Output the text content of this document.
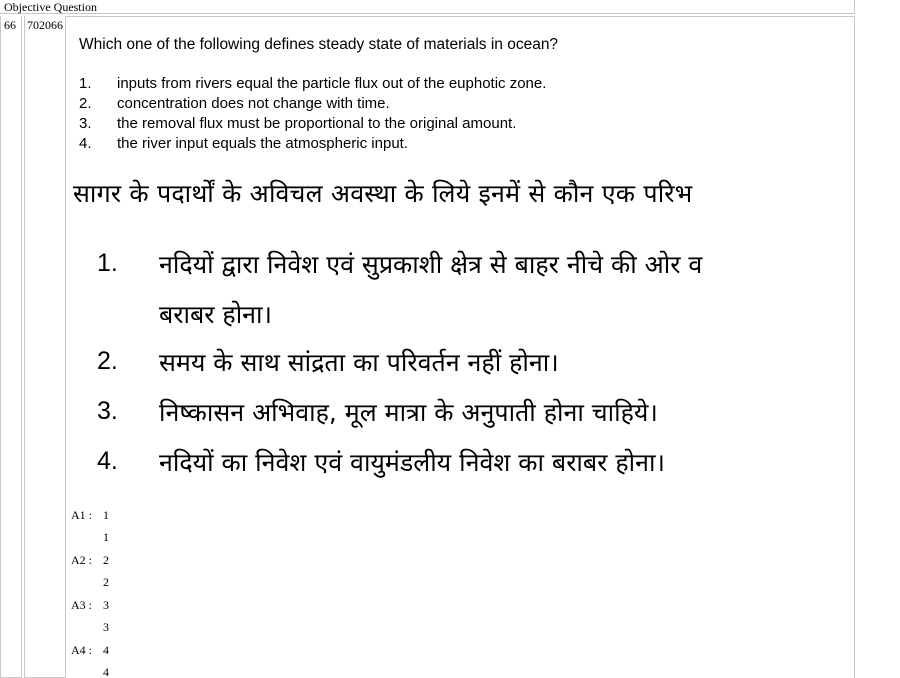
Objective Question
66 702066
Which one of the following defines steady state of materials in ocean?
1. inputs from rivers equal the particle flux out of the euphotic zone.
2. concentration does not change with time.
3. the removal flux must be proportional to the original amount.
4. the river input equals the atmospheric input.
सागर के पदार्थों के अविचल अवस्था के लिये इनमें से कौन एक परिभ
1. नदियों द्वारा निवेश एवं सुप्रकाशी क्षेत्र से बाहर नीचे की ओर व
बराबर होना।
2. समय के साथ सांद्रता का परिवर्तन नहीं होना।
3. निष्कासन अभिवाह, मूल मात्रा के अनुपाती होना चाहिये।
4. नदियों का निवेश एवं वायुमंडलीय निवेश का बराबर होना।
A1 : 1
1
A2 : 2
2
A3 : 3
3
A4 : 4
4
